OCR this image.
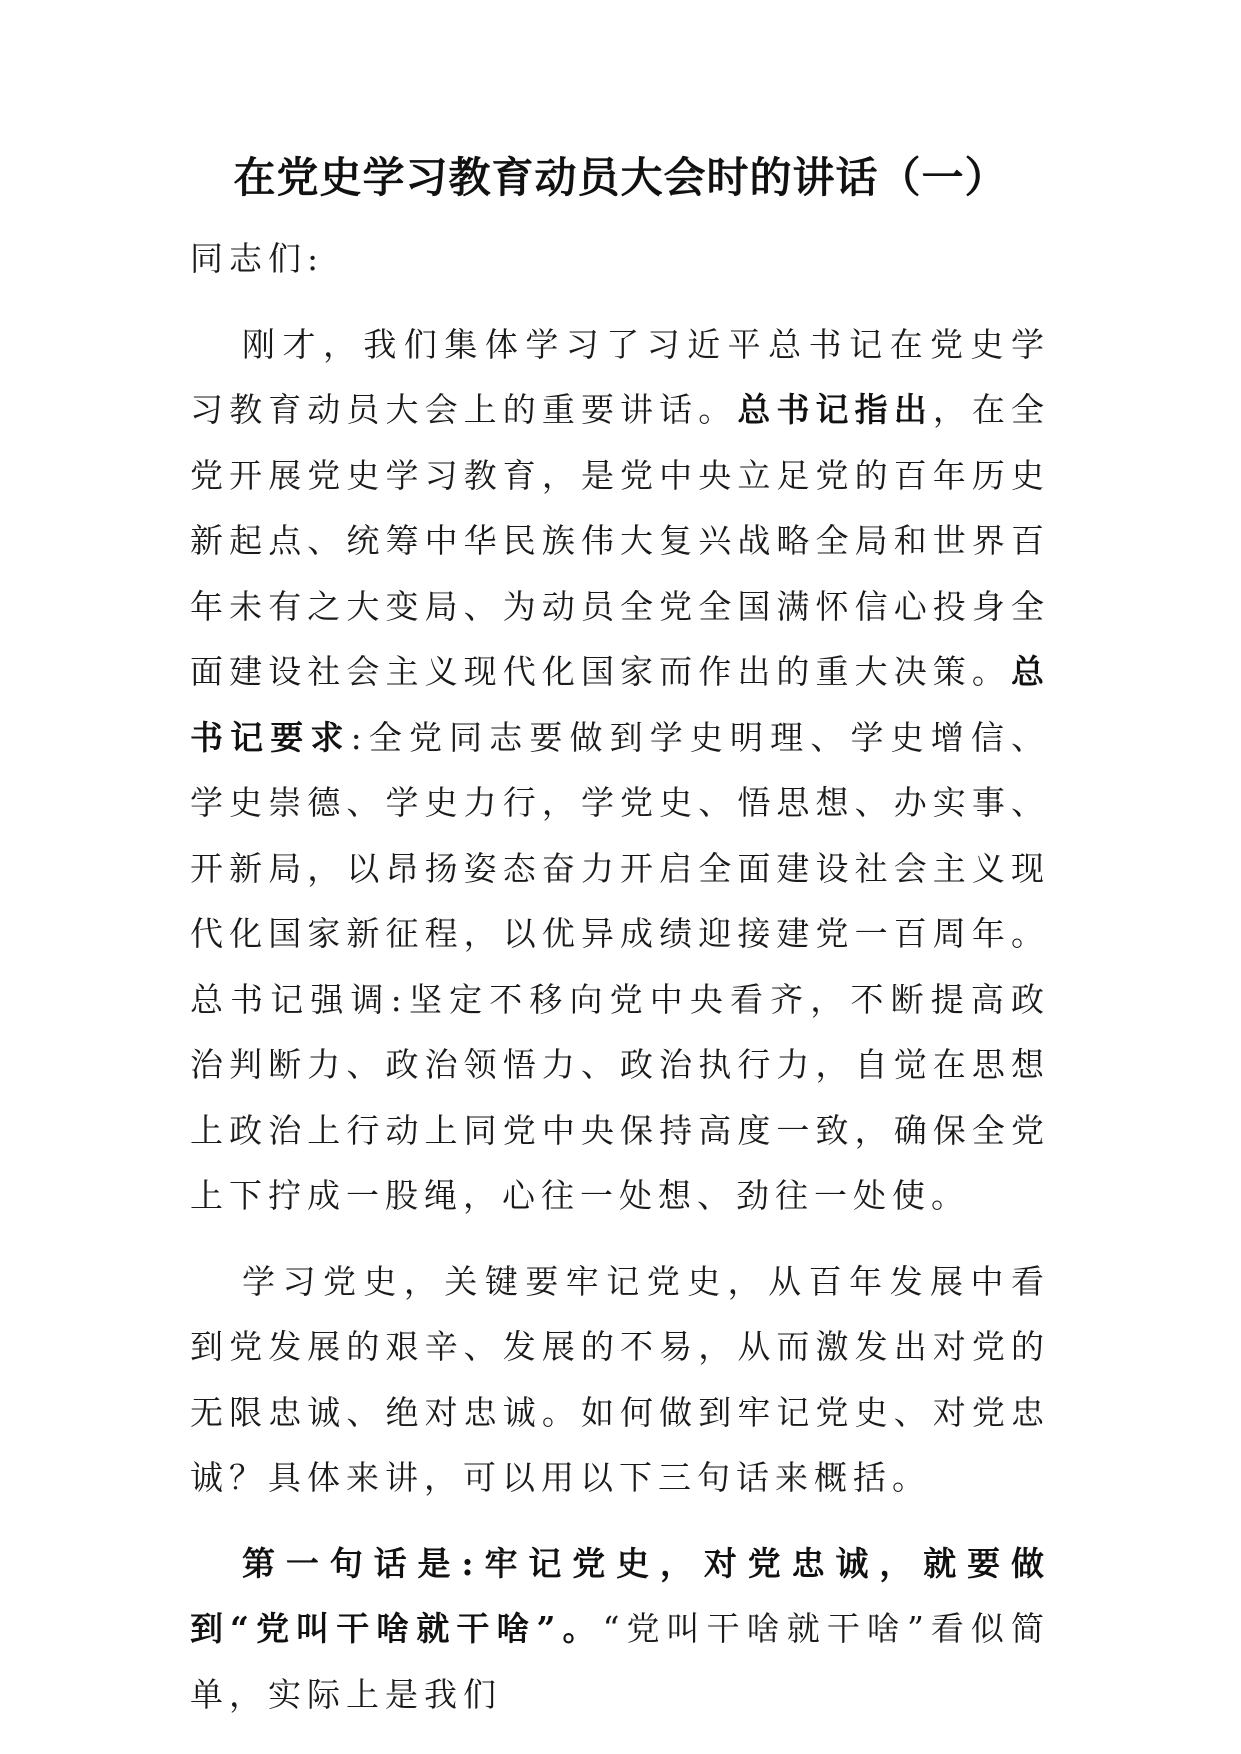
在党史学习教育动员大会时的讲话（一）

同志们:

刚才，我们集体学习了习近平总书记在党史学习教育动员大会上的重要讲话。总书记指出，在全党开展党史学习教育，是党中央立足党的百年历史新起点、统筹中华民族伟大复兴战略全局和世界百年未有之大变局、为动员全党全国满怀信心投身全面建设社会主义现代化国家而作出的重大决策。总书记要求:全党同志要做到学史明理、学史增信、学史崇德、学史力行，学党史、悟思想、办实事、开新局，以昂扬姿态奋力开启全面建设社会主义现代化国家新征程，以优异成绩迎接建党一百周年。总书记强调:坚定不移向党中央看齐，不断提高政治判断力、政治领悟力、政治执行力，自觉在思想上政治上行动上同党中央保持高度一致，确保全党上下拧成一股绳，心往一处想、劲往一处使。

学习党史，关键要牢记党史，从百年发展中看到党发展的艰辛、发展的不易，从而激发出对党的无限忠诚、绝对忠诚。如何做到牢记党史、对党忠诚？具体来讲，可以用以下三句话来概括。

第一句话是:牢记党史，对党忠诚，就要做到“党叫干啥就干啥”。“党叫干啥就干啥”看似简单，实际上是我们
